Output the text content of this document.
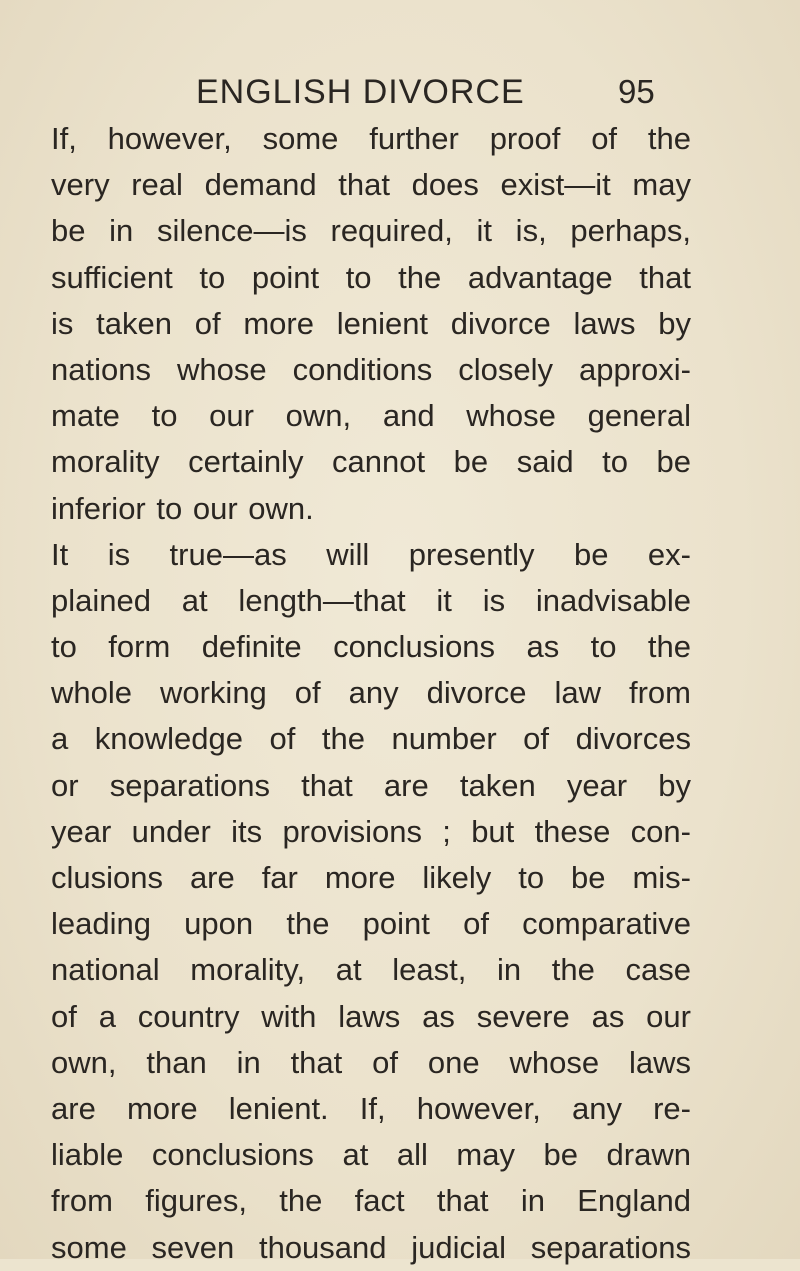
ENGLISH DIVORCE	95
If, however, some further proof of the
very real demand that does exist—it may
be in silence—is required, it is, perhaps,
sufficient to point to the advantage that
is taken of more lenient divorce laws by
nations whose conditions closely approxi-
mate to our own, and whose general
morality certainly cannot be said to be
inferior to our own.
It is true—as will presently be ex-
plained at length—that it is inadvisable
to form definite conclusions as to the
whole working of any divorce law from
a knowledge of the number of divorces
or separations that are taken year by
year under its provisions ; but these con-
clusions are far more likely to be mis-
leading upon the point of comparative
national morality, at least, in the case
of a country with laws as severe as our
own, than in that of one whose laws
are more lenient. If, however, any re-
liable conclusions at all may be drawn
from figures, the fact that in England
some seven thousand judicial separations
